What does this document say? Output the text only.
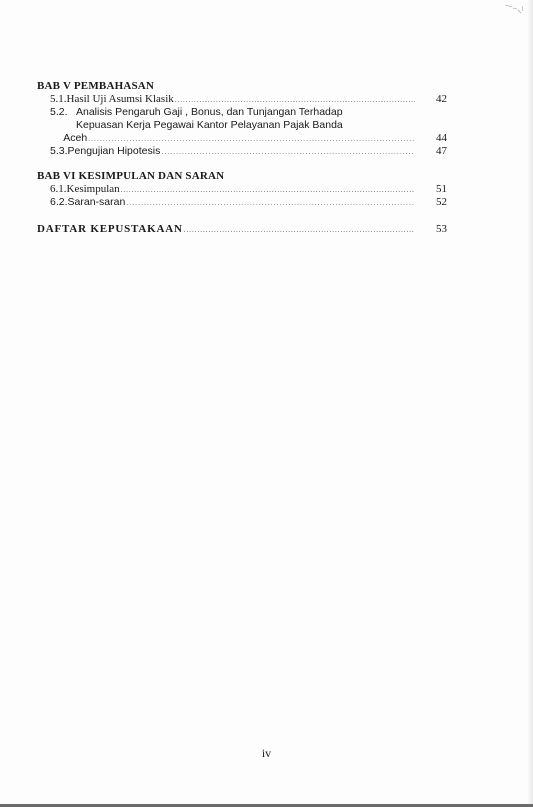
BAB V PEMBAHASAN
5.1. Hasil Uji Asumsi Klasik .....	42
5.2. Analisis Pengaruh Gaji , Bonus, dan Tunjangan Terhadap
Kepuasan Kerja Pegawai Kantor Pelayanan Pajak Banda
Aceh .....	44
5.3. Pengujian Hipotesis .....	47
BAB VI KESIMPULAN DAN SARAN
6.1. Kesimpulan .....	51
6.2. Saran-saran .....	52
DAFTAR KEPUSTAKAAN .....	53
iv
